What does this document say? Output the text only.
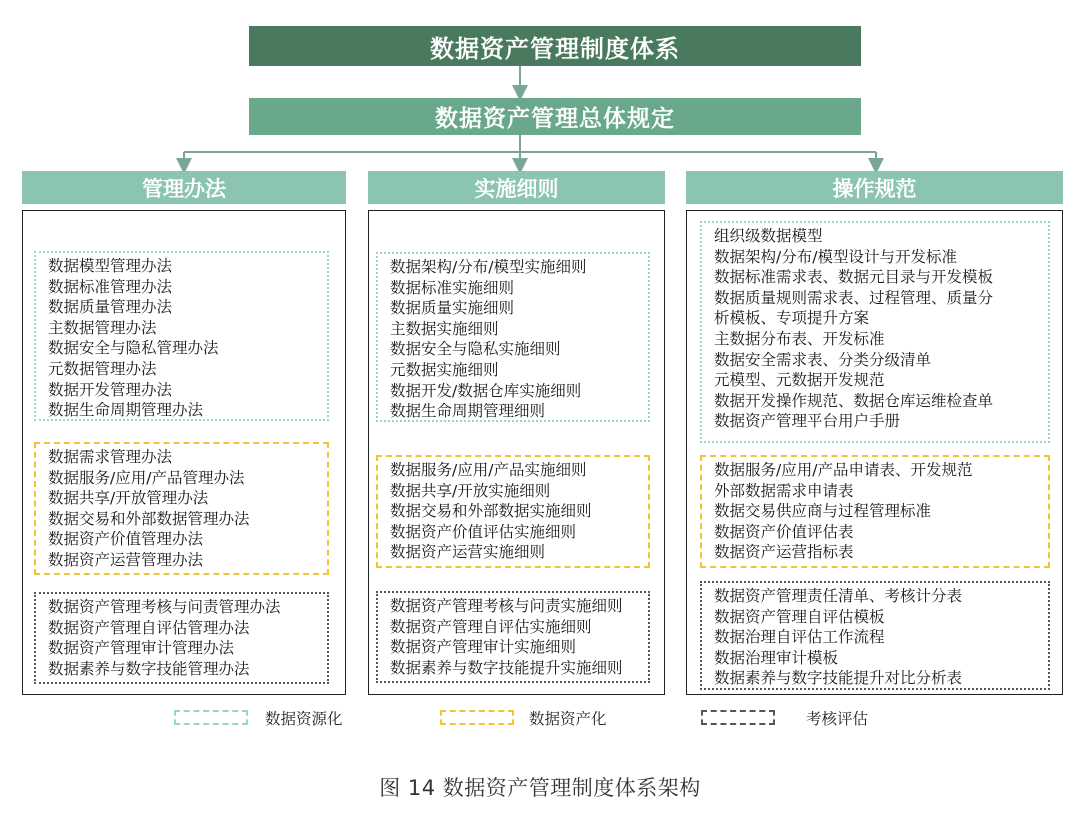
数据资产管理制度体系
数据资产管理总体规定
管理办法	实施细则	操作规范
数据模型管理办法
数据标准管理办法
数据质量管理办法
主数据管理办法
数据安全与隐私管理办法
元数据管理办法
数据开发管理办法
数据生命周期管理办法
数据需求管理办法
数据服务/应用/产品管理办法
数据共享/开放管理办法
数据交易和外部数据管理办法
数据资产价值管理办法
数据资产运营管理办法
数据资产管理考核与问责管理办法
数据资产管理自评估管理办法
数据资产管理审计管理办法
数据素养与数字技能管理办法
数据架构/分布/模型实施细则
数据标准实施细则
数据质量实施细则
主数据实施细则
数据安全与隐私实施细则
元数据实施细则
数据开发/数据仓库实施细则
数据生命周期管理细则
数据服务/应用/产品实施细则
数据共享/开放实施细则
数据交易和外部数据实施细则
数据资产价值评估实施细则
数据资产运营实施细则
数据资产管理考核与问责实施细则
数据资产管理自评估实施细则
数据资产管理审计实施细则
数据素养与数字技能提升实施细则
组织级数据模型
数据架构/分布/模型设计与开发标准
数据标准需求表、数据元目录与开发模板
数据质量规则需求表、过程管理、质量分
析模板、专项提升方案
主数据分布表、开发标准
数据安全需求表、分类分级清单
元模型、元数据开发规范
数据开发操作规范、数据仓库运维检查单
数据资产管理平台用户手册
数据服务/应用/产品申请表、开发规范
外部数据需求申请表
数据交易供应商与过程管理标准
数据资产价值评估表
数据资产运营指标表
数据资产管理责任清单、考核计分表
数据资产管理自评估模板
数据治理自评估工作流程
数据治理审计模板
数据素养与数字技能提升对比分析表
数据资源化	数据资产化	考核评估
图 14 数据资产管理制度体系架构
